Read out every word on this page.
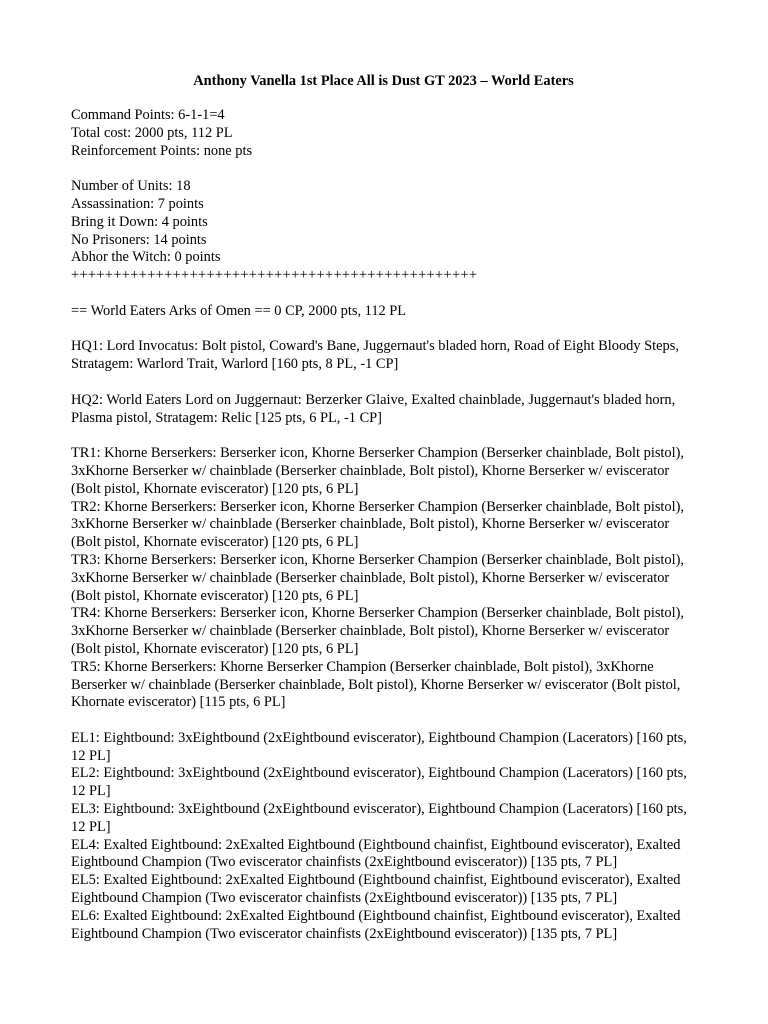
Anthony Vanella 1st Place All is Dust GT 2023 – World Eaters
Command Points: 6-1-1=4
Total cost: 2000 pts, 112 PL
Reinforcement Points: none pts
Number of Units: 18
Assassination: 7 points
Bring it Down: 4 points
No Prisoners: 14 points
Abhor the Witch: 0 points
++++++++++++++++++++++++++++++++++++++++++++++++
== World Eaters Arks of Omen == 0 CP, 2000 pts, 112 PL
HQ1: Lord Invocatus: Bolt pistol, Coward's Bane, Juggernaut's bladed horn, Road of Eight Bloody Steps, Stratagem: Warlord Trait, Warlord [160 pts, 8 PL, -1 CP]
HQ2: World Eaters Lord on Juggernaut: Berzerker Glaive, Exalted chainblade, Juggernaut's bladed horn, Plasma pistol, Stratagem: Relic [125 pts, 6 PL, -1 CP]
TR1: Khorne Berserkers: Berserker icon, Khorne Berserker Champion (Berserker chainblade, Bolt pistol), 3xKhorne Berserker w/ chainblade (Berserker chainblade, Bolt pistol), Khorne Berserker w/ eviscerator (Bolt pistol, Khornate eviscerator) [120 pts, 6 PL]
TR2: Khorne Berserkers: Berserker icon, Khorne Berserker Champion (Berserker chainblade, Bolt pistol), 3xKhorne Berserker w/ chainblade (Berserker chainblade, Bolt pistol), Khorne Berserker w/ eviscerator (Bolt pistol, Khornate eviscerator) [120 pts, 6 PL]
TR3: Khorne Berserkers: Berserker icon, Khorne Berserker Champion (Berserker chainblade, Bolt pistol), 3xKhorne Berserker w/ chainblade (Berserker chainblade, Bolt pistol), Khorne Berserker w/ eviscerator (Bolt pistol, Khornate eviscerator) [120 pts, 6 PL]
TR4: Khorne Berserkers: Berserker icon, Khorne Berserker Champion (Berserker chainblade, Bolt pistol), 3xKhorne Berserker w/ chainblade (Berserker chainblade, Bolt pistol), Khorne Berserker w/ eviscerator (Bolt pistol, Khornate eviscerator) [120 pts, 6 PL]
TR5: Khorne Berserkers: Khorne Berserker Champion (Berserker chainblade, Bolt pistol), 3xKhorne Berserker w/ chainblade (Berserker chainblade, Bolt pistol), Khorne Berserker w/ eviscerator (Bolt pistol, Khornate eviscerator) [115 pts, 6 PL]
EL1: Eightbound: 3xEightbound (2xEightbound eviscerator), Eightbound Champion (Lacerators) [160 pts, 12 PL]
EL2: Eightbound: 3xEightbound (2xEightbound eviscerator), Eightbound Champion (Lacerators) [160 pts, 12 PL]
EL3: Eightbound: 3xEightbound (2xEightbound eviscerator), Eightbound Champion (Lacerators) [160 pts, 12 PL]
EL4: Exalted Eightbound: 2xExalted Eightbound (Eightbound chainfist, Eightbound eviscerator), Exalted Eightbound Champion (Two eviscerator chainfists (2xEightbound eviscerator)) [135 pts, 7 PL]
EL5: Exalted Eightbound: 2xExalted Eightbound (Eightbound chainfist, Eightbound eviscerator), Exalted Eightbound Champion (Two eviscerator chainfists (2xEightbound eviscerator)) [135 pts, 7 PL]
EL6: Exalted Eightbound: 2xExalted Eightbound (Eightbound chainfist, Eightbound eviscerator), Exalted Eightbound Champion (Two eviscerator chainfists (2xEightbound eviscerator)) [135 pts, 7 PL]
